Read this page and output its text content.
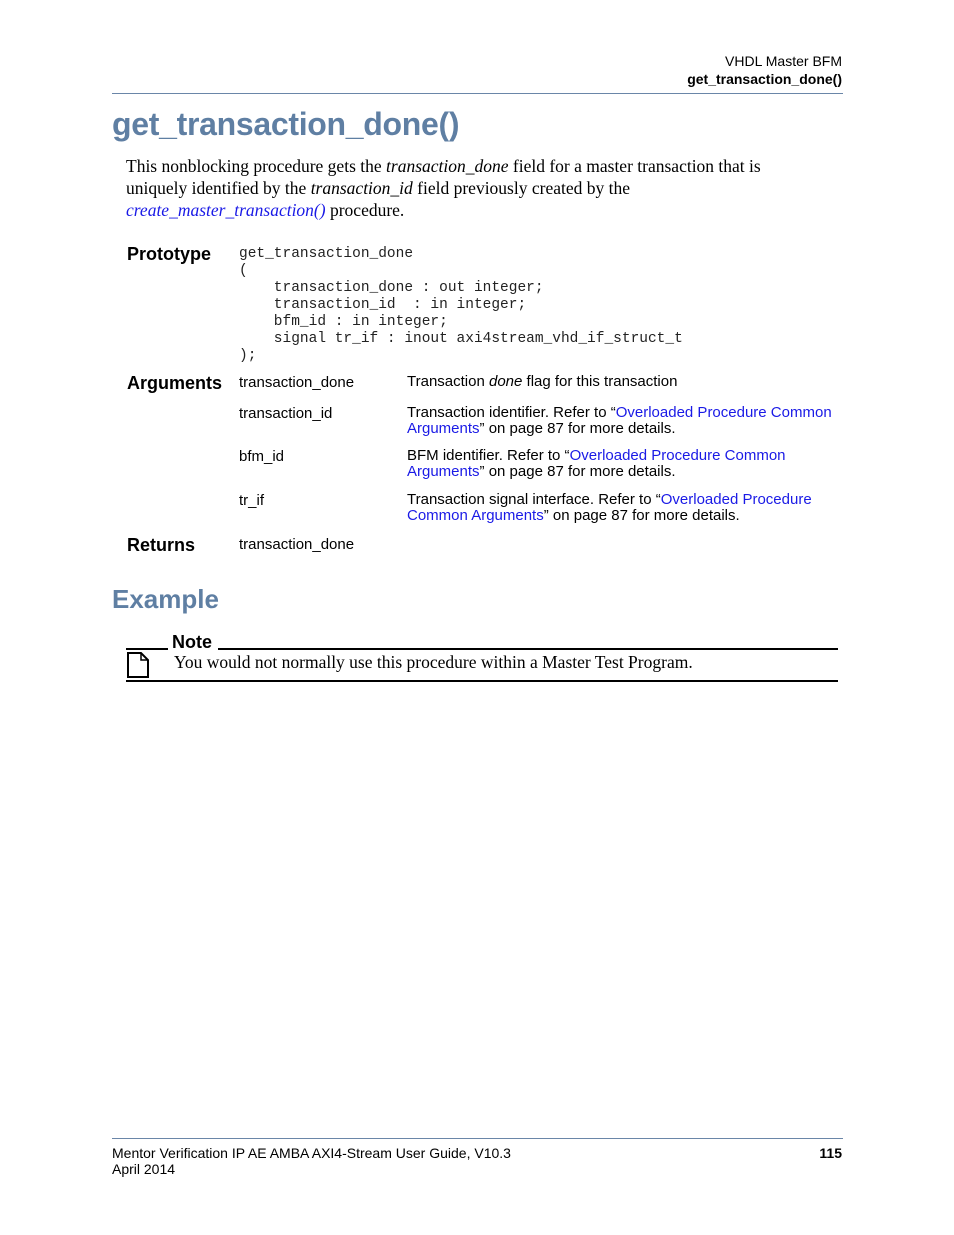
VHDL Master BFM
get_transaction_done()
get_transaction_done()
This nonblocking procedure gets the transaction_done field for a master transaction that is uniquely identified by the transaction_id field previously created by the create_master_transaction() procedure.
Prototype get_transaction_done
(
transaction_done : out integer;
transaction_id  : in integer;
bfm_id : in integer;
signal tr_if : inout axi4stream_vhd_if_struct_t
);
Arguments transaction_done	Transaction done flag for this transaction
transaction_id	Transaction identifier. Refer to “Overloaded Procedure Common Arguments” on page 87 for more details.
bfm_id	BFM identifier. Refer to “Overloaded Procedure Common Arguments” on page 87 for more details.
tr_if	Transaction signal interface. Refer to “Overloaded Procedure Common Arguments” on page 87 for more details.
Returns	transaction_done
Example
Note
You would not normally use this procedure within a Master Test Program.
Mentor Verification IP AE AMBA AXI4-Stream User Guide, V10.3
April 2014
115
